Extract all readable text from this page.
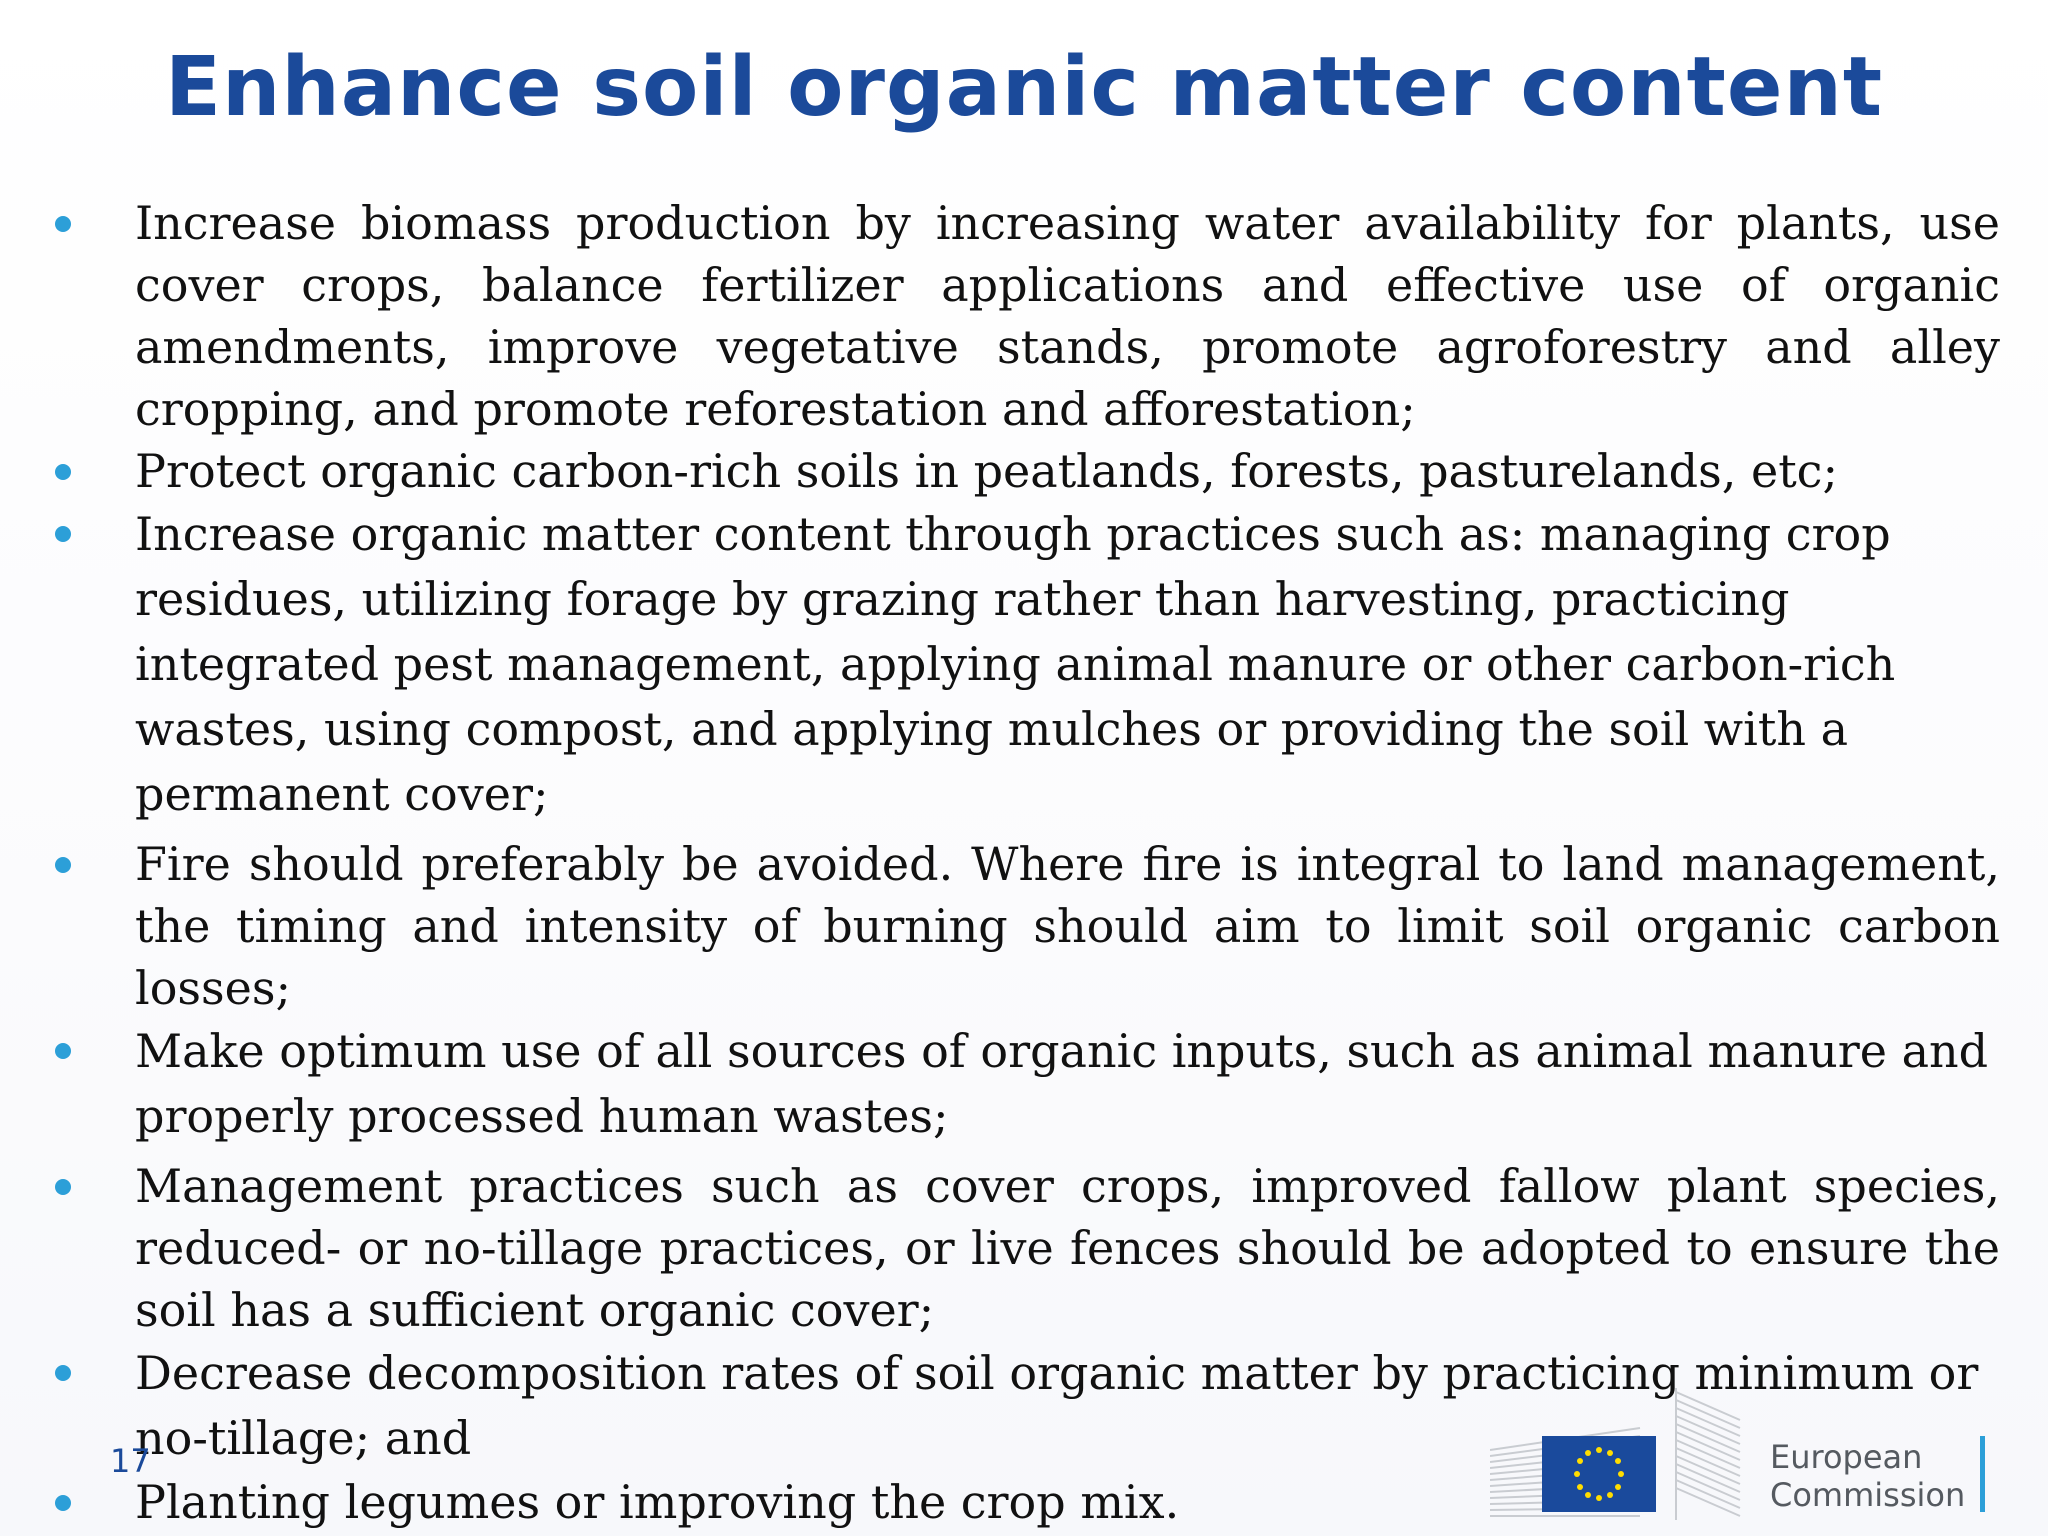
Enhance soil organic matter content
Increase biomass production by increasing water availability for plants, use cover crops, balance fertilizer applications and effective use of organic amendments, improve vegetative stands, promote agroforestry and alley cropping, and promote reforestation and afforestation;
Protect organic carbon-rich soils in peatlands, forests, pasturelands, etc;
Increase organic matter content through practices such as: managing crop residues, utilizing forage by grazing rather than harvesting, practicing integrated pest management, applying animal manure or other carbon-rich wastes, using compost, and applying mulches or providing the soil with a permanent cover;
Fire should preferably be avoided. Where fire is integral to land management, the timing and intensity of burning should aim to limit soil organic carbon losses;
Make optimum use of all sources of organic inputs, such as animal manure and properly processed human wastes;
Management practices such as cover crops, improved fallow plant species, reduced- or no-tillage practices, or live fences should be adopted to ensure the soil has a sufficient organic cover;
Decrease decomposition rates of soil organic matter by practicing minimum or no-tillage; and
Planting legumes or improving the crop mix.
17	European
Commission
